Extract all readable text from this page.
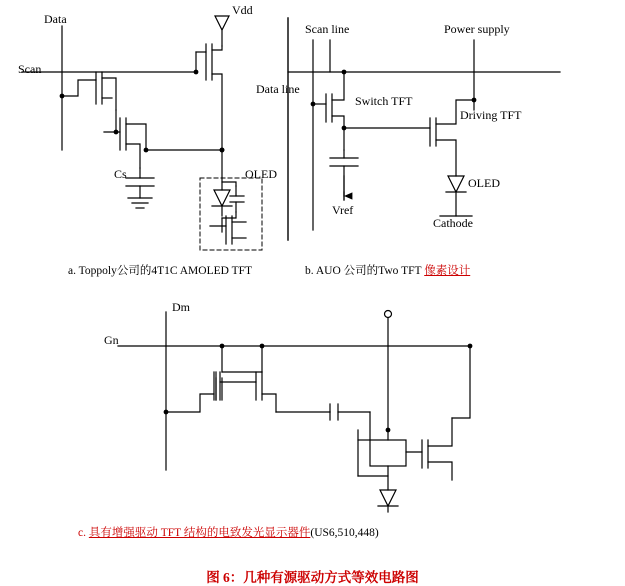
Data
Vdd
Scan
Cs	OLED
Scan line	Power supply
Data line
Switch TFT
Driving TFT
Vref
OLED
Cathode
Dm
Gn
a. Toppoly公司的4T1C AMOLED TFT	b. AUO 公司的Two TFT 像素设计
c. 具有增强驱动 TFT 结构的电致发光显示器件(US6,510,448)
图 6：几种有源驱动方式等效电路图
